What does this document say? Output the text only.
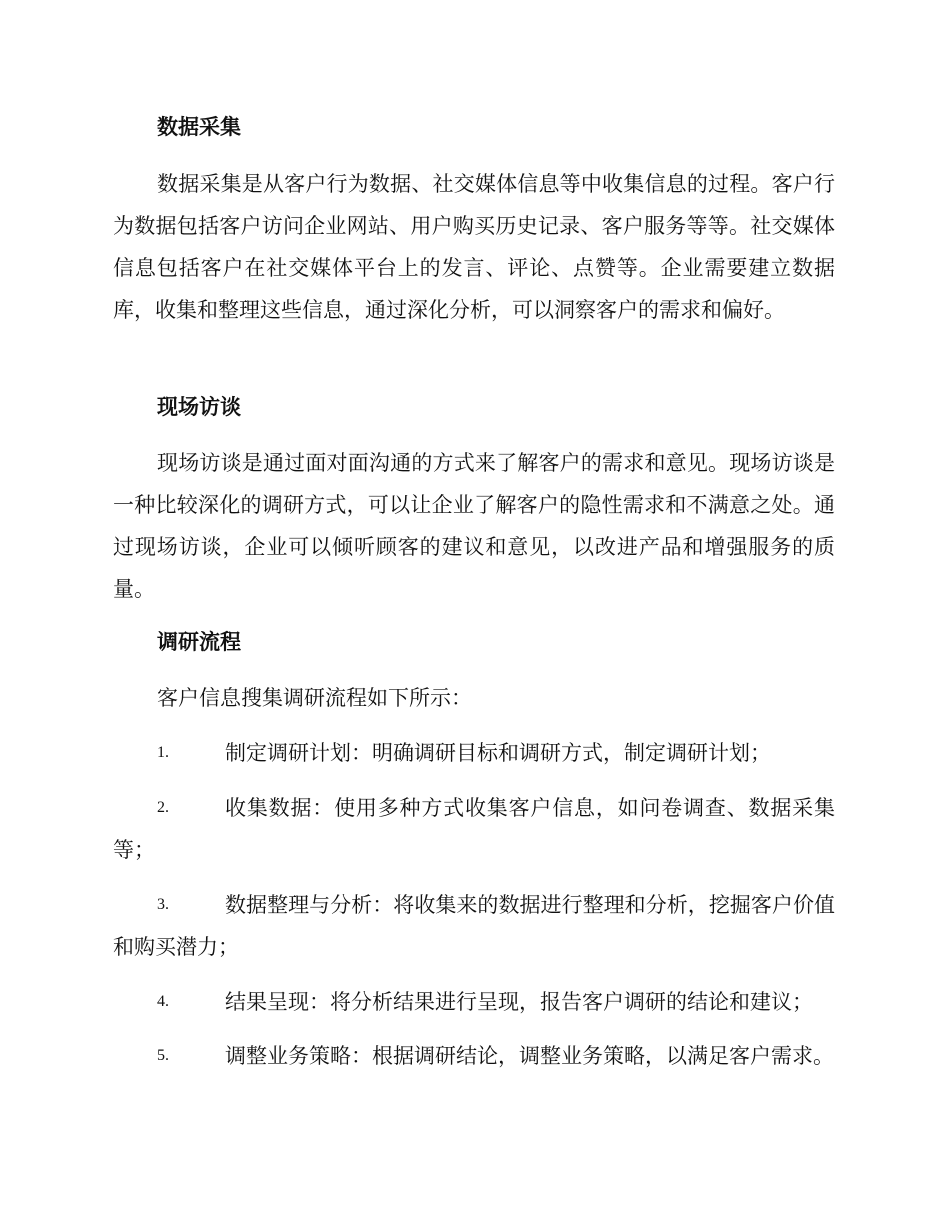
数据采集
数据采集是从客户行为数据、社交媒体信息等中收集信息的过程。客户行为数据包括客户访问企业网站、用户购买历史记录、客户服务等等。社交媒体信息包括客户在社交媒体平台上的发言、评论、点赞等。企业需要建立数据库，收集和整理这些信息，通过深化分析，可以洞察客户的需求和偏好。
现场访谈
现场访谈是通过面对面沟通的方式来了解客户的需求和意见。现场访谈是一种比较深化的调研方式，可以让企业了解客户的隐性需求和不满意之处。通过现场访谈，企业可以倾听顾客的建议和意见，以改进产品和增强服务的质量。
调研流程
客户信息搜集调研流程如下所示：
1.	制定调研计划：明确调研目标和调研方式，制定调研计划；
2.	收集数据：使用多种方式收集客户信息，如问卷调查、数据采集等；
3.	数据整理与分析：将收集来的数据进行整理和分析，挖掘客户价值和购买潜力；
4.	结果呈现：将分析结果进行呈现，报告客户调研的结论和建议；
5.	调整业务策略：根据调研结论，调整业务策略，以满足客户需求。
